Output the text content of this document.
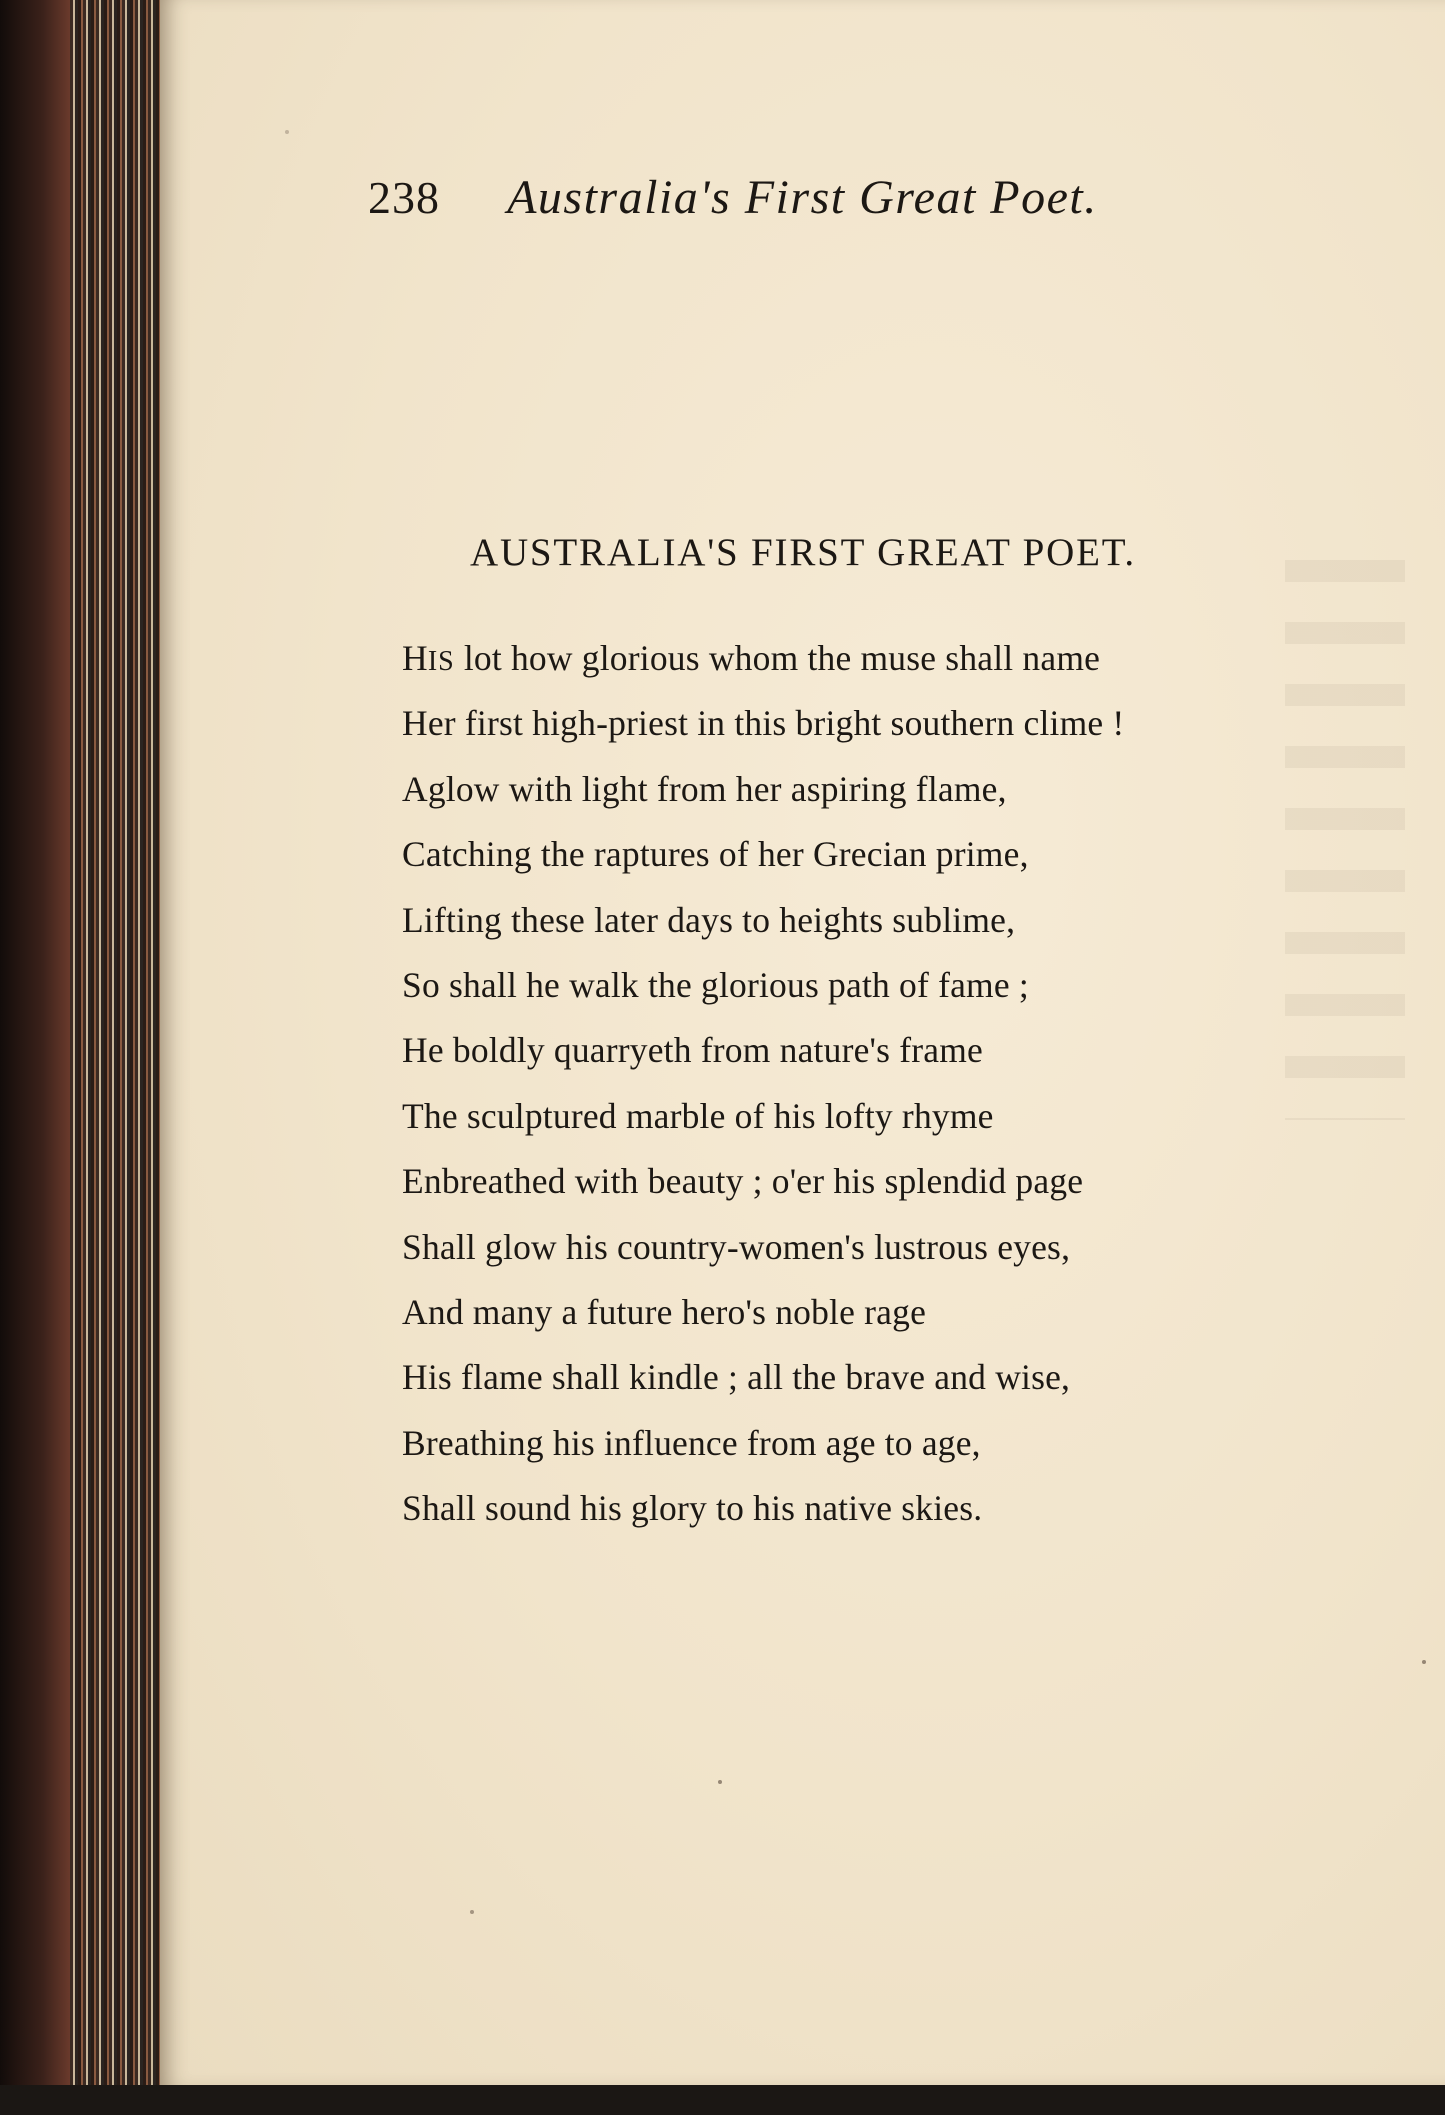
238 Australia's First Great Poet.
AUSTRALIA'S FIRST GREAT POET.
HIS lot how glorious whom the muse shall name
Her first high-priest in this bright southern clime !
Aglow with light from her aspiring flame,
Catching the raptures of her Grecian prime,
Lifting these later days to heights sublime,
So shall he walk the glorious path of fame ;
He boldly quarryeth from nature's frame
The sculptured marble of his lofty rhyme
Enbreathed with beauty ; o'er his splendid page
Shall glow his country-women's lustrous eyes,
And many a future hero's noble rage
His flame shall kindle ; all the brave and wise,
Breathing his influence from age to age,
Shall sound his glory to his native skies.
